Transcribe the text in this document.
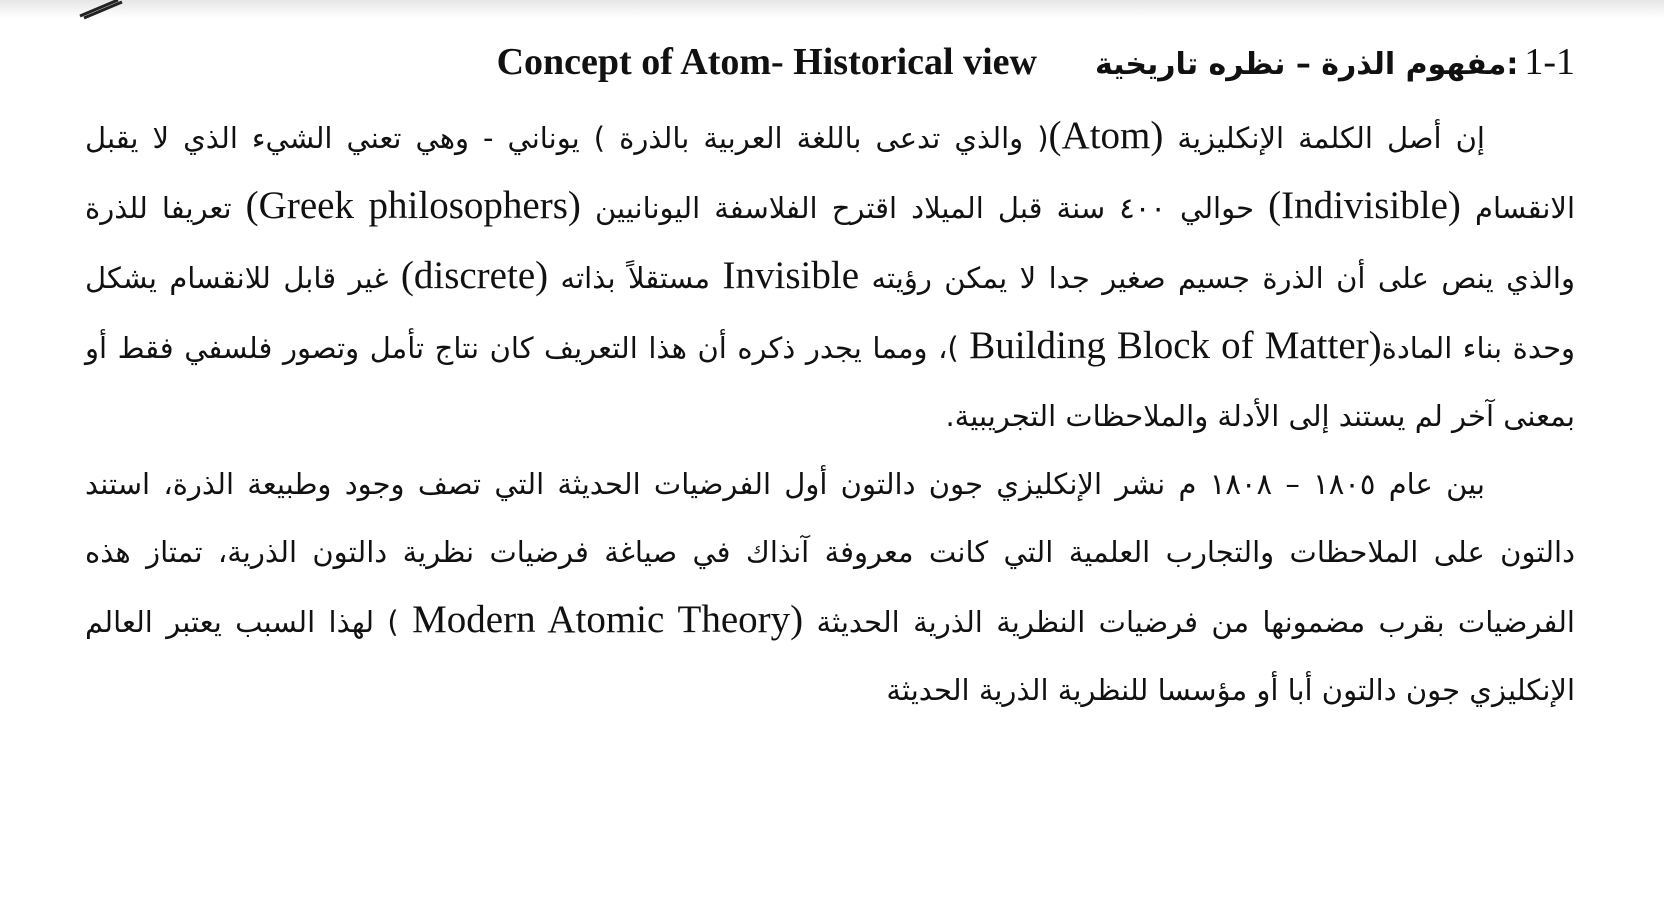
1-1
:مفهوم الذرة – نظره تاريخية
Concept of Atom- Historical view

إن أصل الكلمة الإنكليزية (Atom)( والذي تدعى باللغة العربية بالذرة ) يوناني - وهي تعني الشيء الذي لا يقبل الانقسام (Indivisible) حوالي ٤٠٠ سنة قبل الميلاد اقترح الفلاسفة اليونانيين (Greek philosophers) تعريفا للذرة والذي ينص على أن الذرة جسيم صغير جدا لا يمكن رؤيته Invisible مستقلاً بذاته (discrete) غير قابل للانقسام يشكل وحدة بناء المادة(Building Block of Matter )، ومما يجدر ذكره أن هذا التعريف كان نتاج تأمل وتصور فلسفي فقط أو بمعنى آخر لم يستند إلى الأدلة والملاحظات التجريبية.

بين عام ١٨٠٥ – ١٨٠٨ م نشر الإنكليزي جون دالتون أول الفرضيات الحديثة التي تصف وجود وطبيعة الذرة، استند دالتون على الملاحظات والتجارب العلمية التي كانت معروفة آنذاك في صياغة فرضيات نظرية دالتون الذرية، تمتاز هذه الفرضيات بقرب مضمونها من فرضيات النظرية الذرية الحديثة (Modern Atomic Theory ) لهذا السبب يعتبر العالم الإنكليزي جون دالتون أبا أو مؤسسا للنظرية الذرية الحديثة
